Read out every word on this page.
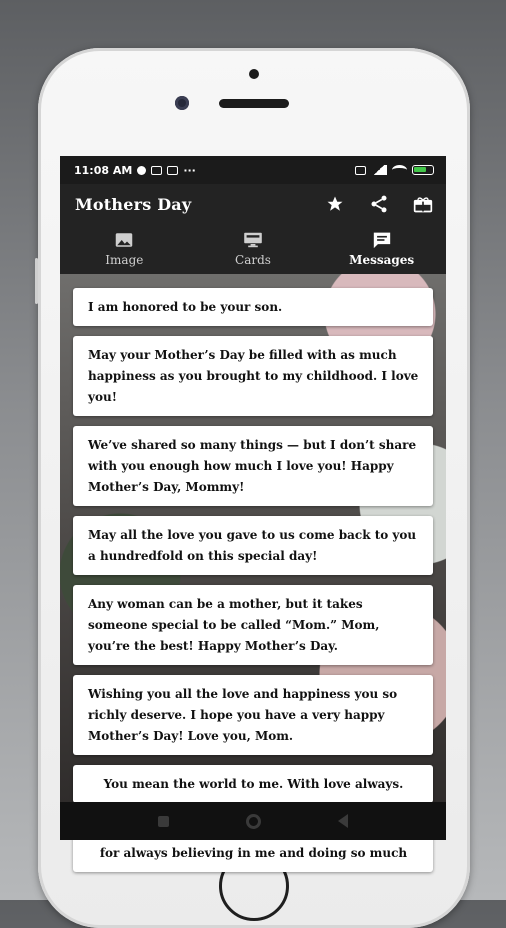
11:08 AM	···
Mothers Day
Image	Cards	Messages
I am honored to be your son.
May your Mother’s Day be filled with as much happiness as you brought to my childhood. I love you!
We’ve shared so many things — but I don’t share with you enough how much I love you! Happy Mother’s Day, Mommy!
May all the love you gave to us come back to you a hundredfold on this special day!
Any woman can be a mother, but it takes someone special to be called “Mom.” Mom, you’re the best! Happy Mother’s Day.
Wishing you all the love and happiness you so richly deserve. I hope you have a very happy Mother’s Day! Love you, Mom.
You mean the world to me. With love always.
for always believing in me and doing so much
